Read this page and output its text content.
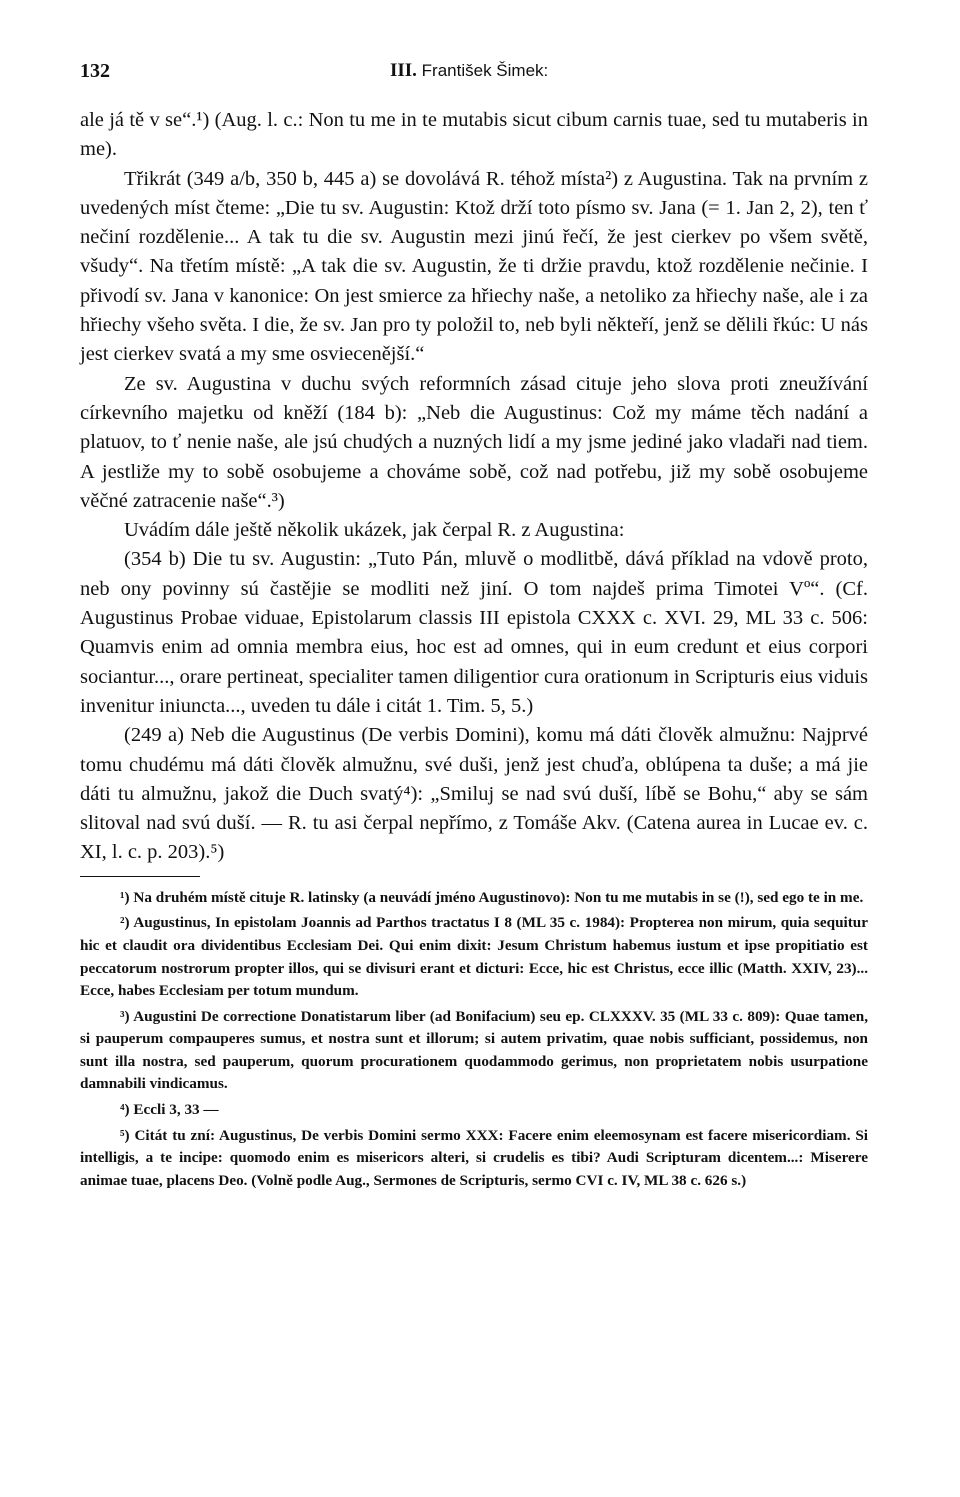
132	III. František Šimek:

ale já tě v se“.¹) (Aug. l. c.: Non tu me in te mutabis sicut cibum carnis tuae, sed tu mutaberis in me).

Třikrát (349 a/b, 350 b, 445 a) se dovolává R. téhož místa²) z Augustina. Tak na prvním z uvedených míst čteme: „Die tu sv. Augustin: Ktož drží toto písmo sv. Jana (= 1. Jan 2, 2), ten ť nečiní rozdělenie... A tak tu die sv. Augustin mezi jinú řečí, že jest cierkev po všem světě, všudy“. Na třetím místě: „A tak die sv. Augustin, že ti držie pravdu, ktož rozdělenie nečinie. I přivodí sv. Jana v kanonice: On jest smierce za hřiechy naše, a netoliko za hřiechy naše, ale i za hřiechy všeho světa. I die, že sv. Jan pro ty položil to, neb byli někteří, jenž se dělili řkúc: U nás jest cierkev svatá a my sme osviecenější.“

Ze sv. Augustina v duchu svých reformních zásad cituje jeho slova proti zneužívání církevního majetku od kněží (184 b): „Neb die Augustinus: Což my máme těch nadání a platuov, to ť nenie naše, ale jsú chudých a nuzných lidí a my jsme jediné jako vladaři nad tiem. A jestliže my to sobě osobujeme a chováme sobě, což nad potřebu, již my sobě osobujeme věčné zatracenie naše“.³)

Uvádím dále ještě několik ukázek, jak čerpal R. z Augustina:

(354 b) Die tu sv. Augustin: „Tuto Pán, mluvě o modlitbě, dává příklad na vdově proto, neb ony povinny sú častějie se modliti než jiní. O tom najdeš prima Timotei Vº“. (Cf. Augustinus Probae viduae, Epistolarum classis III epistola CXXX c. XVI. 29, ML 33 c. 506: Quamvis enim ad omnia membra eius, hoc est ad omnes, qui in eum credunt et eius corpori sociantur..., orare pertineat, specialiter tamen diligentior cura orationum in Scripturis eius viduis invenitur iniuncta..., uveden tu dále i citát 1. Tim. 5, 5.)

(249 a) Neb die Augustinus (De verbis Domini), komu má dáti člověk almužnu: Najprvé tomu chudému má dáti člověk almužnu, své duši, jenž jest chuďa, oblúpena ta duše; a má jie dáti tu almužnu, jakož die Duch svatý⁴): „Smiluj se nad svú duší, líbě se Bohu,“ aby se sám slitoval nad svú duší. — R. tu asi čerpal nepřímo, z Tomáše Akv. (Catena aurea in Lucae ev. c. XI, l. c. p. 203).⁵)

¹) Na druhém místě cituje R. latinsky (a neuvádí jméno Augustinovo): Non tu me mutabis in se (!), sed ego te in me.

²) Augustinus, In epistolam Joannis ad Parthos tractatus I 8 (ML 35 c. 1984): Propterea non mirum, quia sequitur hic et claudit ora dividentibus Ecclesiam Dei. Qui enim dixit: Jesum Christum habemus iustum et ipse propitiatio est peccatorum nostrorum propter illos, qui se divisuri erant et dicturi: Ecce, hic est Christus, ecce illic (Matth. XXIV, 23)... Ecce, habes Ecclesiam per totum mundum.

³) Augustini De correctione Donatistarum liber (ad Bonifacium) seu ep. CLXXXV. 35 (ML 33 c. 809): Quae tamen, si pauperum compauperes sumus, et nostra sunt et illorum; si autem privatim, quae nobis sufficiant, possidemus, non sunt illa nostra, sed pauperum, quorum procurationem quodammodo gerimus, non proprietatem nobis usurpatione damnabili vindicamus.

⁴) Eccli 3, 33 —

⁵) Citát tu zní: Augustinus, De verbis Domini sermo XXX: Facere enim eleemosynam est facere misericordiam. Si intelligis, a te incipe: quomodo enim es misericors alteri, si crudelis es tibi? Audi Scripturam dicentem...: Miserere animae tuae, placens Deo. (Volně podle Aug., Sermones de Scripturis, sermo CVI c. IV, ML 38 c. 626 s.)
